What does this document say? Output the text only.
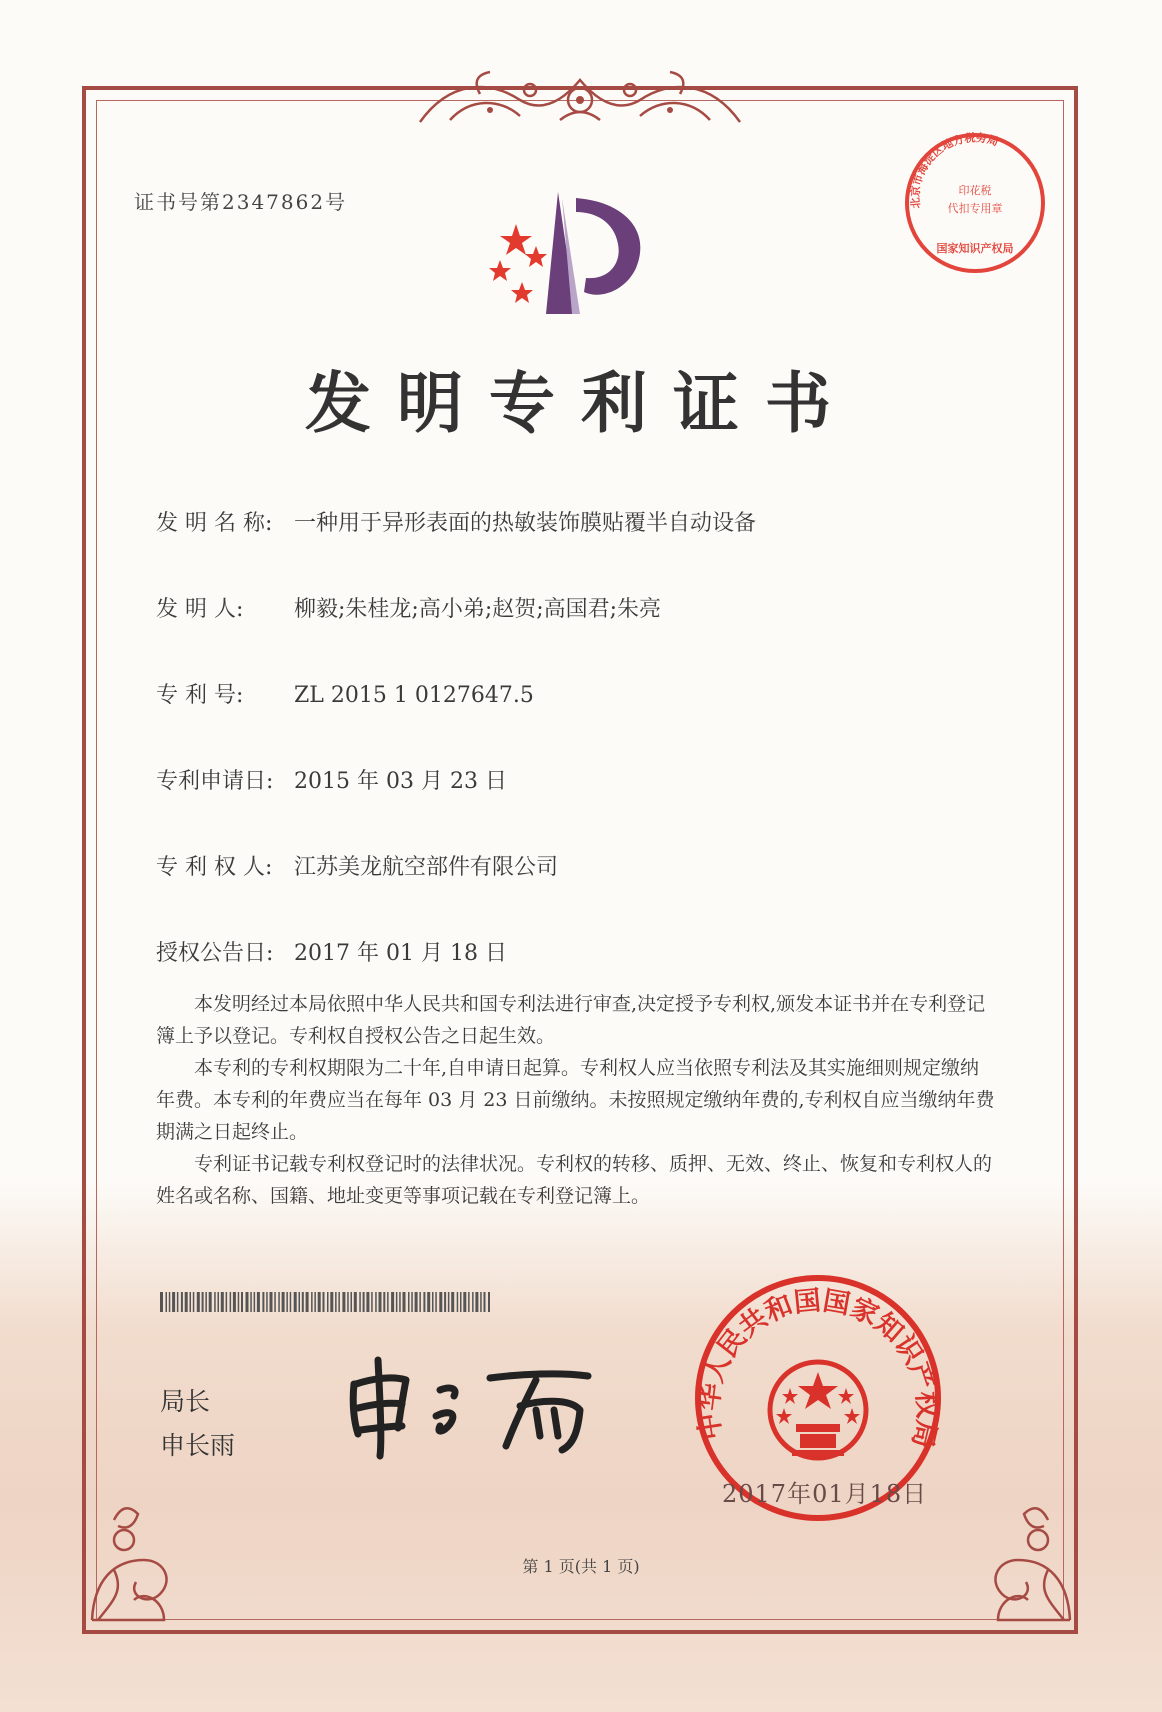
证书号第2347862号	北京市海淀区地方税务局
印花税
代扣专用章
国家知识产权局
发明专利证书
发 明 名 称: 一种用于异形表面的热敏装饰膜贴覆半自动设备
发 明 人: 柳毅;朱桂龙;高小弟;赵贺;高国君;朱亮
专 利 号: ZL 2015 1 0127647.5
专利申请日: 2015 年 03 月 23 日
专 利 权 人: 江苏美龙航空部件有限公司
授权公告日: 2017 年 01 月 18 日

本发明经过本局依照中华人民共和国专利法进行审查,决定授予专利权,颁发本证书并在专利登记簿上予以登记。专利权自授权公告之日起生效。

本专利的专利权期限为二十年,自申请日起算。专利权人应当依照专利法及其实施细则规定缴纳年费。本专利的年费应当在每年 03 月 23 日前缴纳。未按照规定缴纳年费的,专利权自应当缴纳年费期满之日起终止。

专利证书记载专利权登记时的法律状况。专利权的转移、质押、无效、终止、恢复和专利权人的姓名或名称、国籍、地址变更等事项记载在专利登记簿上。

局长
申长雨
中华人民共和国国家知识产权局
2017年01月18日
第 1 页(共 1 页)
